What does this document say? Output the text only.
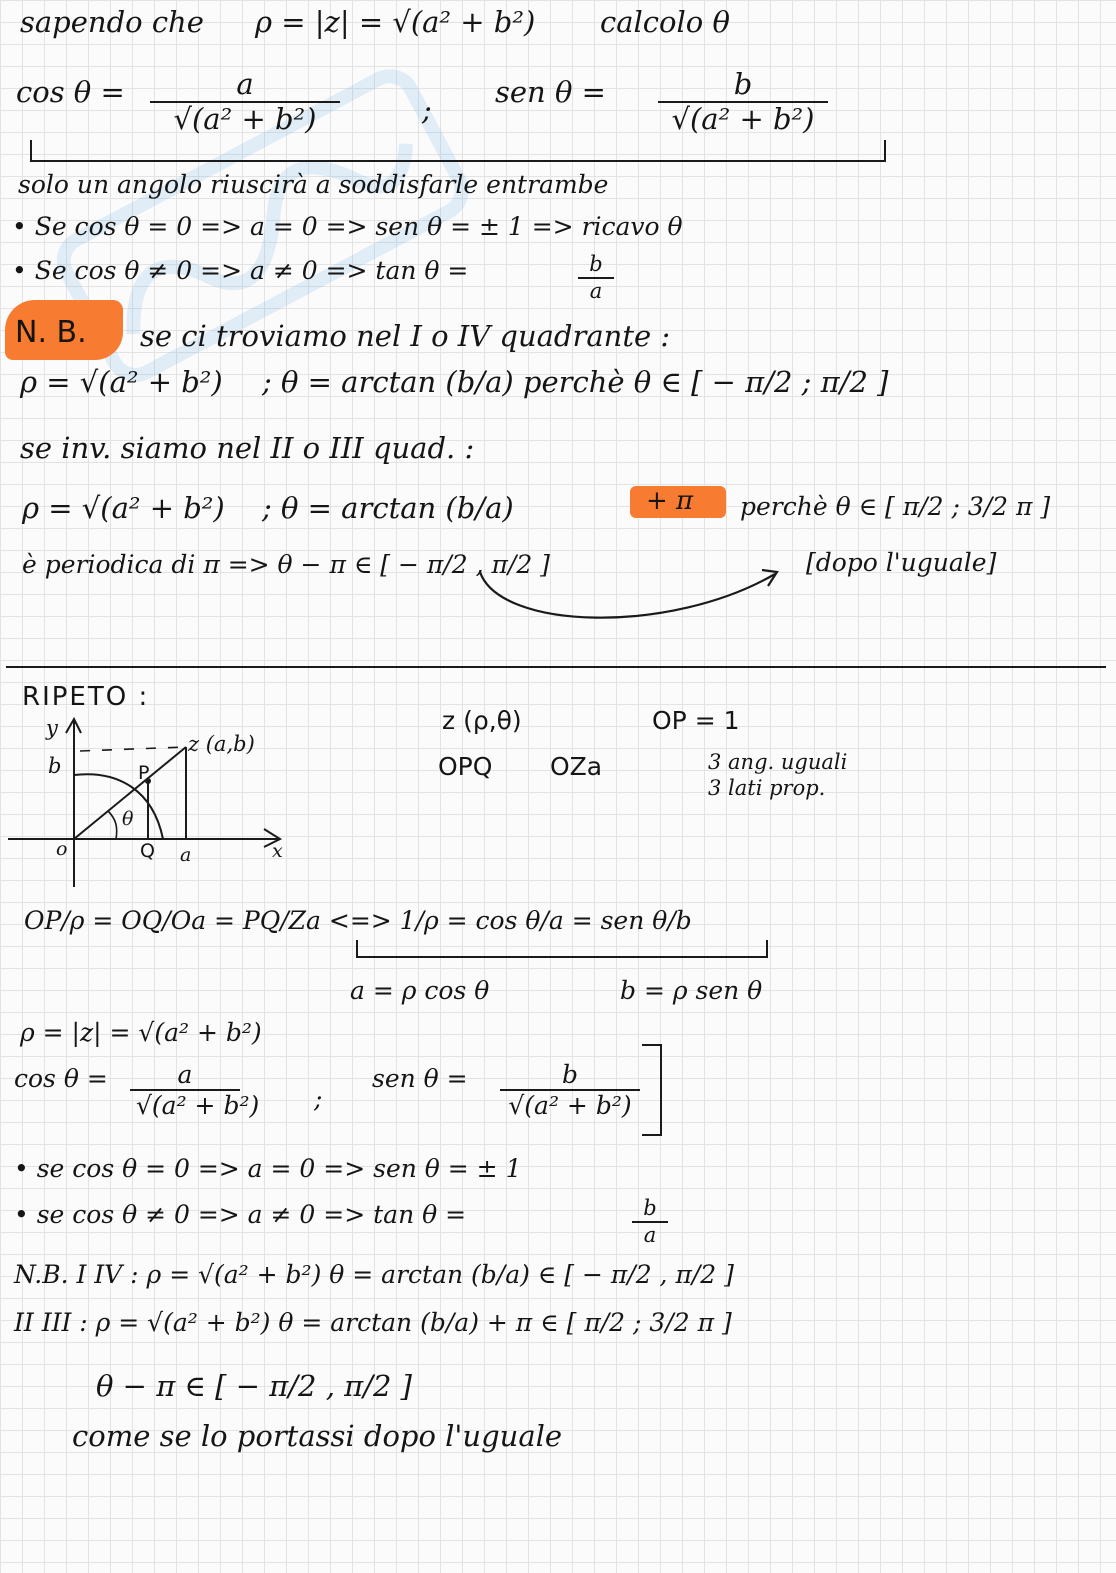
sapendo che ρ = |z| = √(a² + b²) calcolo θ
$\cos \theta = \frac{a}{\text{√(a² + b²)}}$	;
sen $\theta = \frac{b}{\text{√(a² + b²)}}$
solo un angolo riuscirà a soddisfarle entrambe
• Se cos θ = 0 => a = 0 => sen θ = ± 1 => ricavo θ
• Se cos θ ≠ 0 => a ≠ 0 => tan θ =	$\frac{b}{a}$
N. B. se ci troviamo nel I o IV quadrante :
ρ = √(a² + b²) ; θ = arctan (b/a) perchè θ ∈ [ − π/2 ; π/2 ]
se inv. siamo nel II o III quad. :
ρ = √(a² + b²) ; θ = arctan (b/a)	+ π perchè θ ∈ [ π/2 ; 3/2 π ]
è periodica di π => θ − π ∈ [ − π/2 , π/2 ]	[dopo l'uguale]
RIPETO :
y
b
z (a,b)
P
θ
o	Q a	x
z (ρ,θ)	OP = 1
OPQ OZa	3 ang. uguali
3 lati prop.
OP/ρ = OQ/Oa = PQ/Za <=> 1/ρ = cos θ/a = sen θ/b
a = ρ cos θ	b = ρ sen θ
ρ = |z| = √(a² + b²)
$\cos \theta = \frac{a}{\text{√(a² + b²)}}$	;
sen $\theta = \frac{b}{\text{√(a² + b²)}}$
• se cos θ = 0 => a = 0 => sen θ = ± 1
• se cos θ ≠ 0 => a ≠ 0 => tan θ =	$\frac{b}{a}$
N.B. I IV : ρ = √(a² + b²) θ = arctan (b/a) ∈ [ − π/2 , π/2 ]
II III : ρ = √(a² + b²) θ = arctan (b/a) + π ∈ [ π/2 ; 3/2 π ]
θ − π ∈ [ − π/2 , π/2 ]
come se lo portassi dopo l'uguale
